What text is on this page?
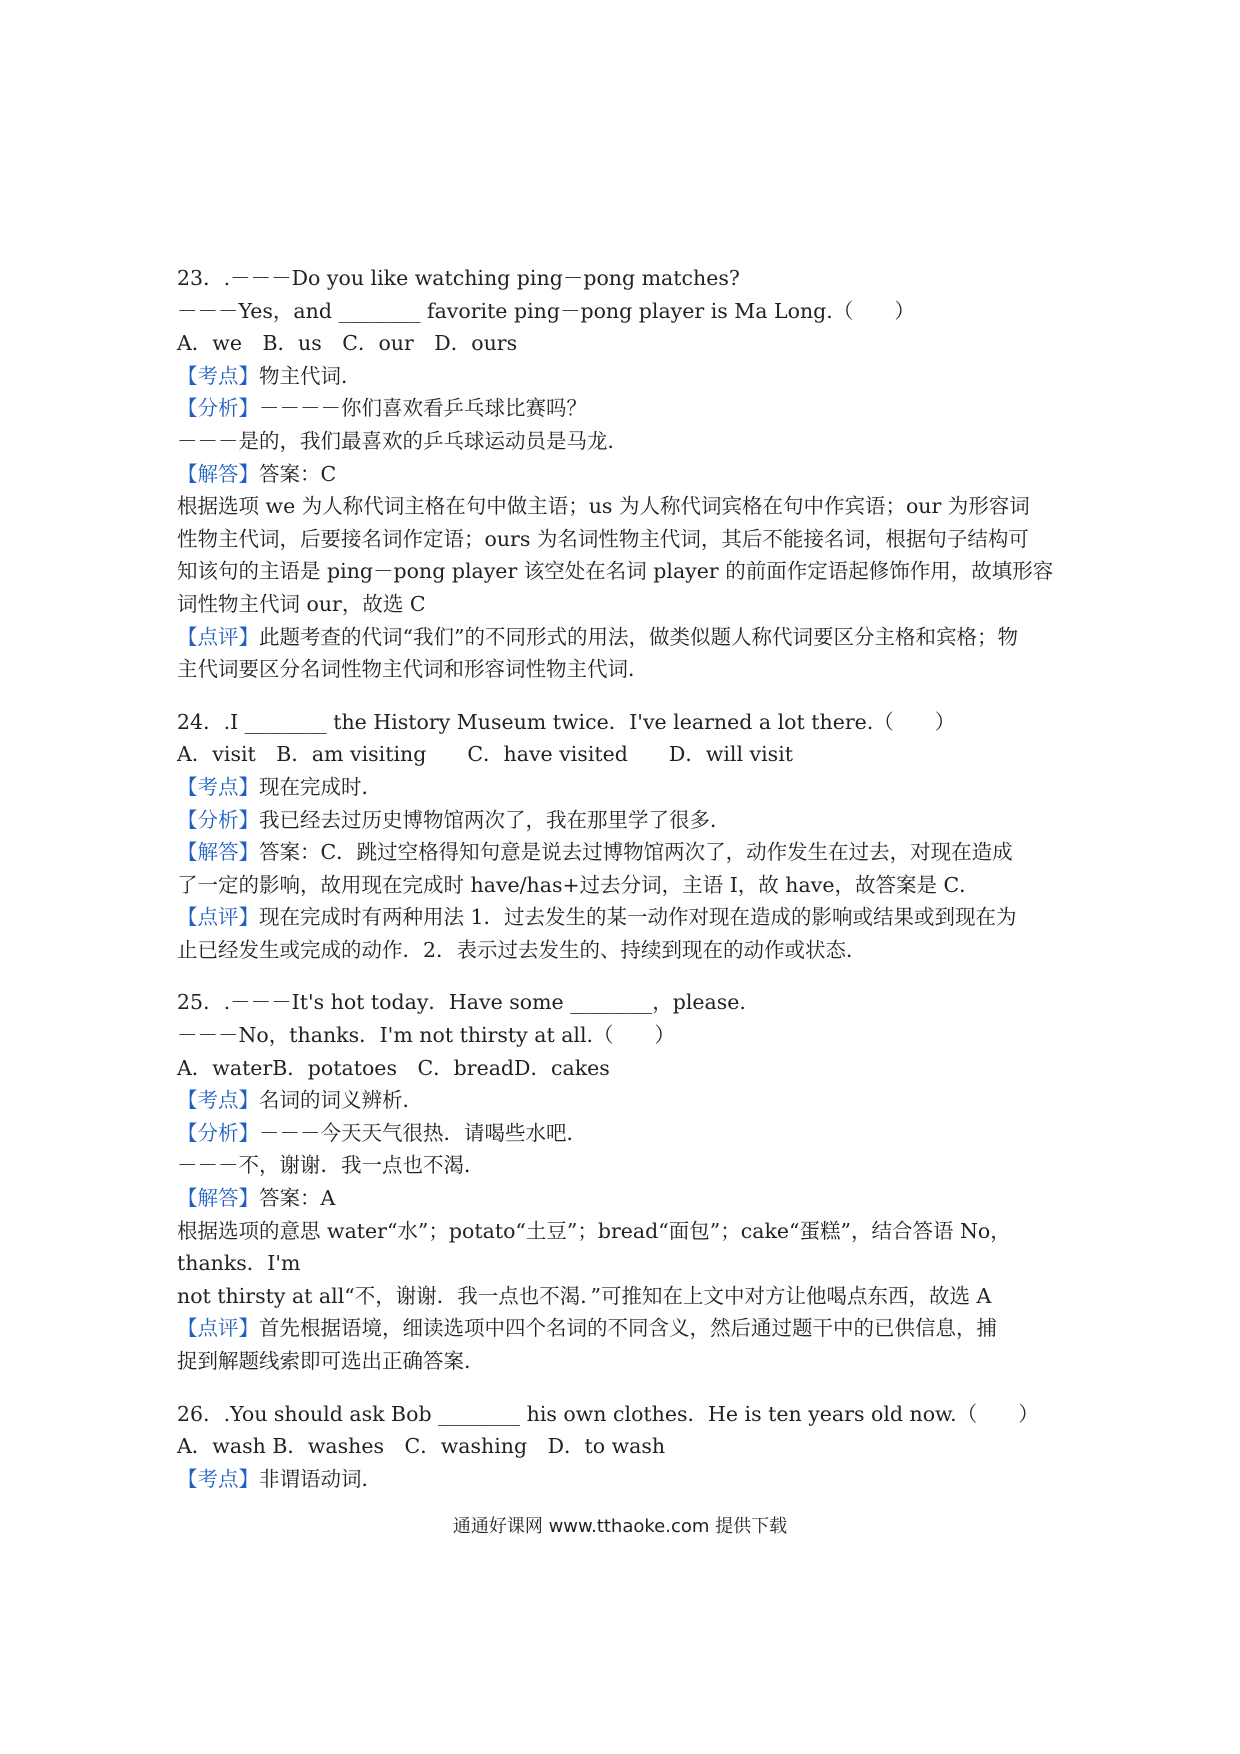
23．.－－－Do you like watching ping－pong matches?

－－－Yes，and ________ favorite ping－pong player is Ma Long.（　　）

A．we　B．us　C．our　D．ours

【考点】物主代词．

【分析】－－－－你们喜欢看乒乓球比赛吗？

－－－是的，我们最喜欢的乒乓球运动员是马龙．

【解答】答案：C

根据选项 we 为人称代词主格在句中做主语；us 为人称代词宾格在句中作宾语；our 为形容词

性物主代词，后要接名词作定语；ours 为名词性物主代词，其后不能接名词，根据句子结构可

知该句的主语是 ping－pong player 该空处在名词 player 的前面作定语起修饰作用，故填形容

词性物主代词 our，故选 C

【点评】此题考查的代词“我们”的不同形式的用法，做类似题人称代词要区分主格和宾格；物

主代词要区分名词性物主代词和形容词性物主代词．

24．.I ________ the History Museum twice．I've learned a lot there.（　　）

A．visit　B．am visiting　　C．have visited　　D．will visit

【考点】现在完成时．

【分析】我已经去过历史博物馆两次了，我在那里学了很多．

【解答】答案：C．跳过空格得知句意是说去过博物馆两次了，动作发生在过去，对现在造成

了一定的影响，故用现在完成时 have/has+过去分词，主语 I，故 have，故答案是 C．

【点评】现在完成时有两种用法 1．过去发生的某一动作对现在造成的影响或结果或到现在为

止已经发生或完成的动作．2．表示过去发生的、持续到现在的动作或状态．

25．.－－－It's hot today．Have some ________，please.

－－－No，thanks．I'm not thirsty at all.（　　）

A．waterB．potatoes　C．breadD．cakes

【考点】名词的词义辨析．

【分析】－－－今天天气很热．请喝些水吧．

－－－不，谢谢．我一点也不渴．

【解答】答案：A

根据选项的意思 water“水”；potato“土豆”；bread“面包”；cake“蛋糕”，结合答语 No，thanks．I'm

not thirsty at all“不，谢谢．我一点也不渴．”可推知在上文中对方让他喝点东西，故选 A

【点评】首先根据语境，细读选项中四个名词的不同含义，然后通过题干中的已供信息，捕

捉到解题线索即可选出正确答案．

26．.You should ask Bob ________ his own clothes．He is ten years old now.（　　）

A．wash B．washes　C．washing　D．to wash

【考点】非谓语动词．

通通好课网 www.tthaoke.com 提供下载
